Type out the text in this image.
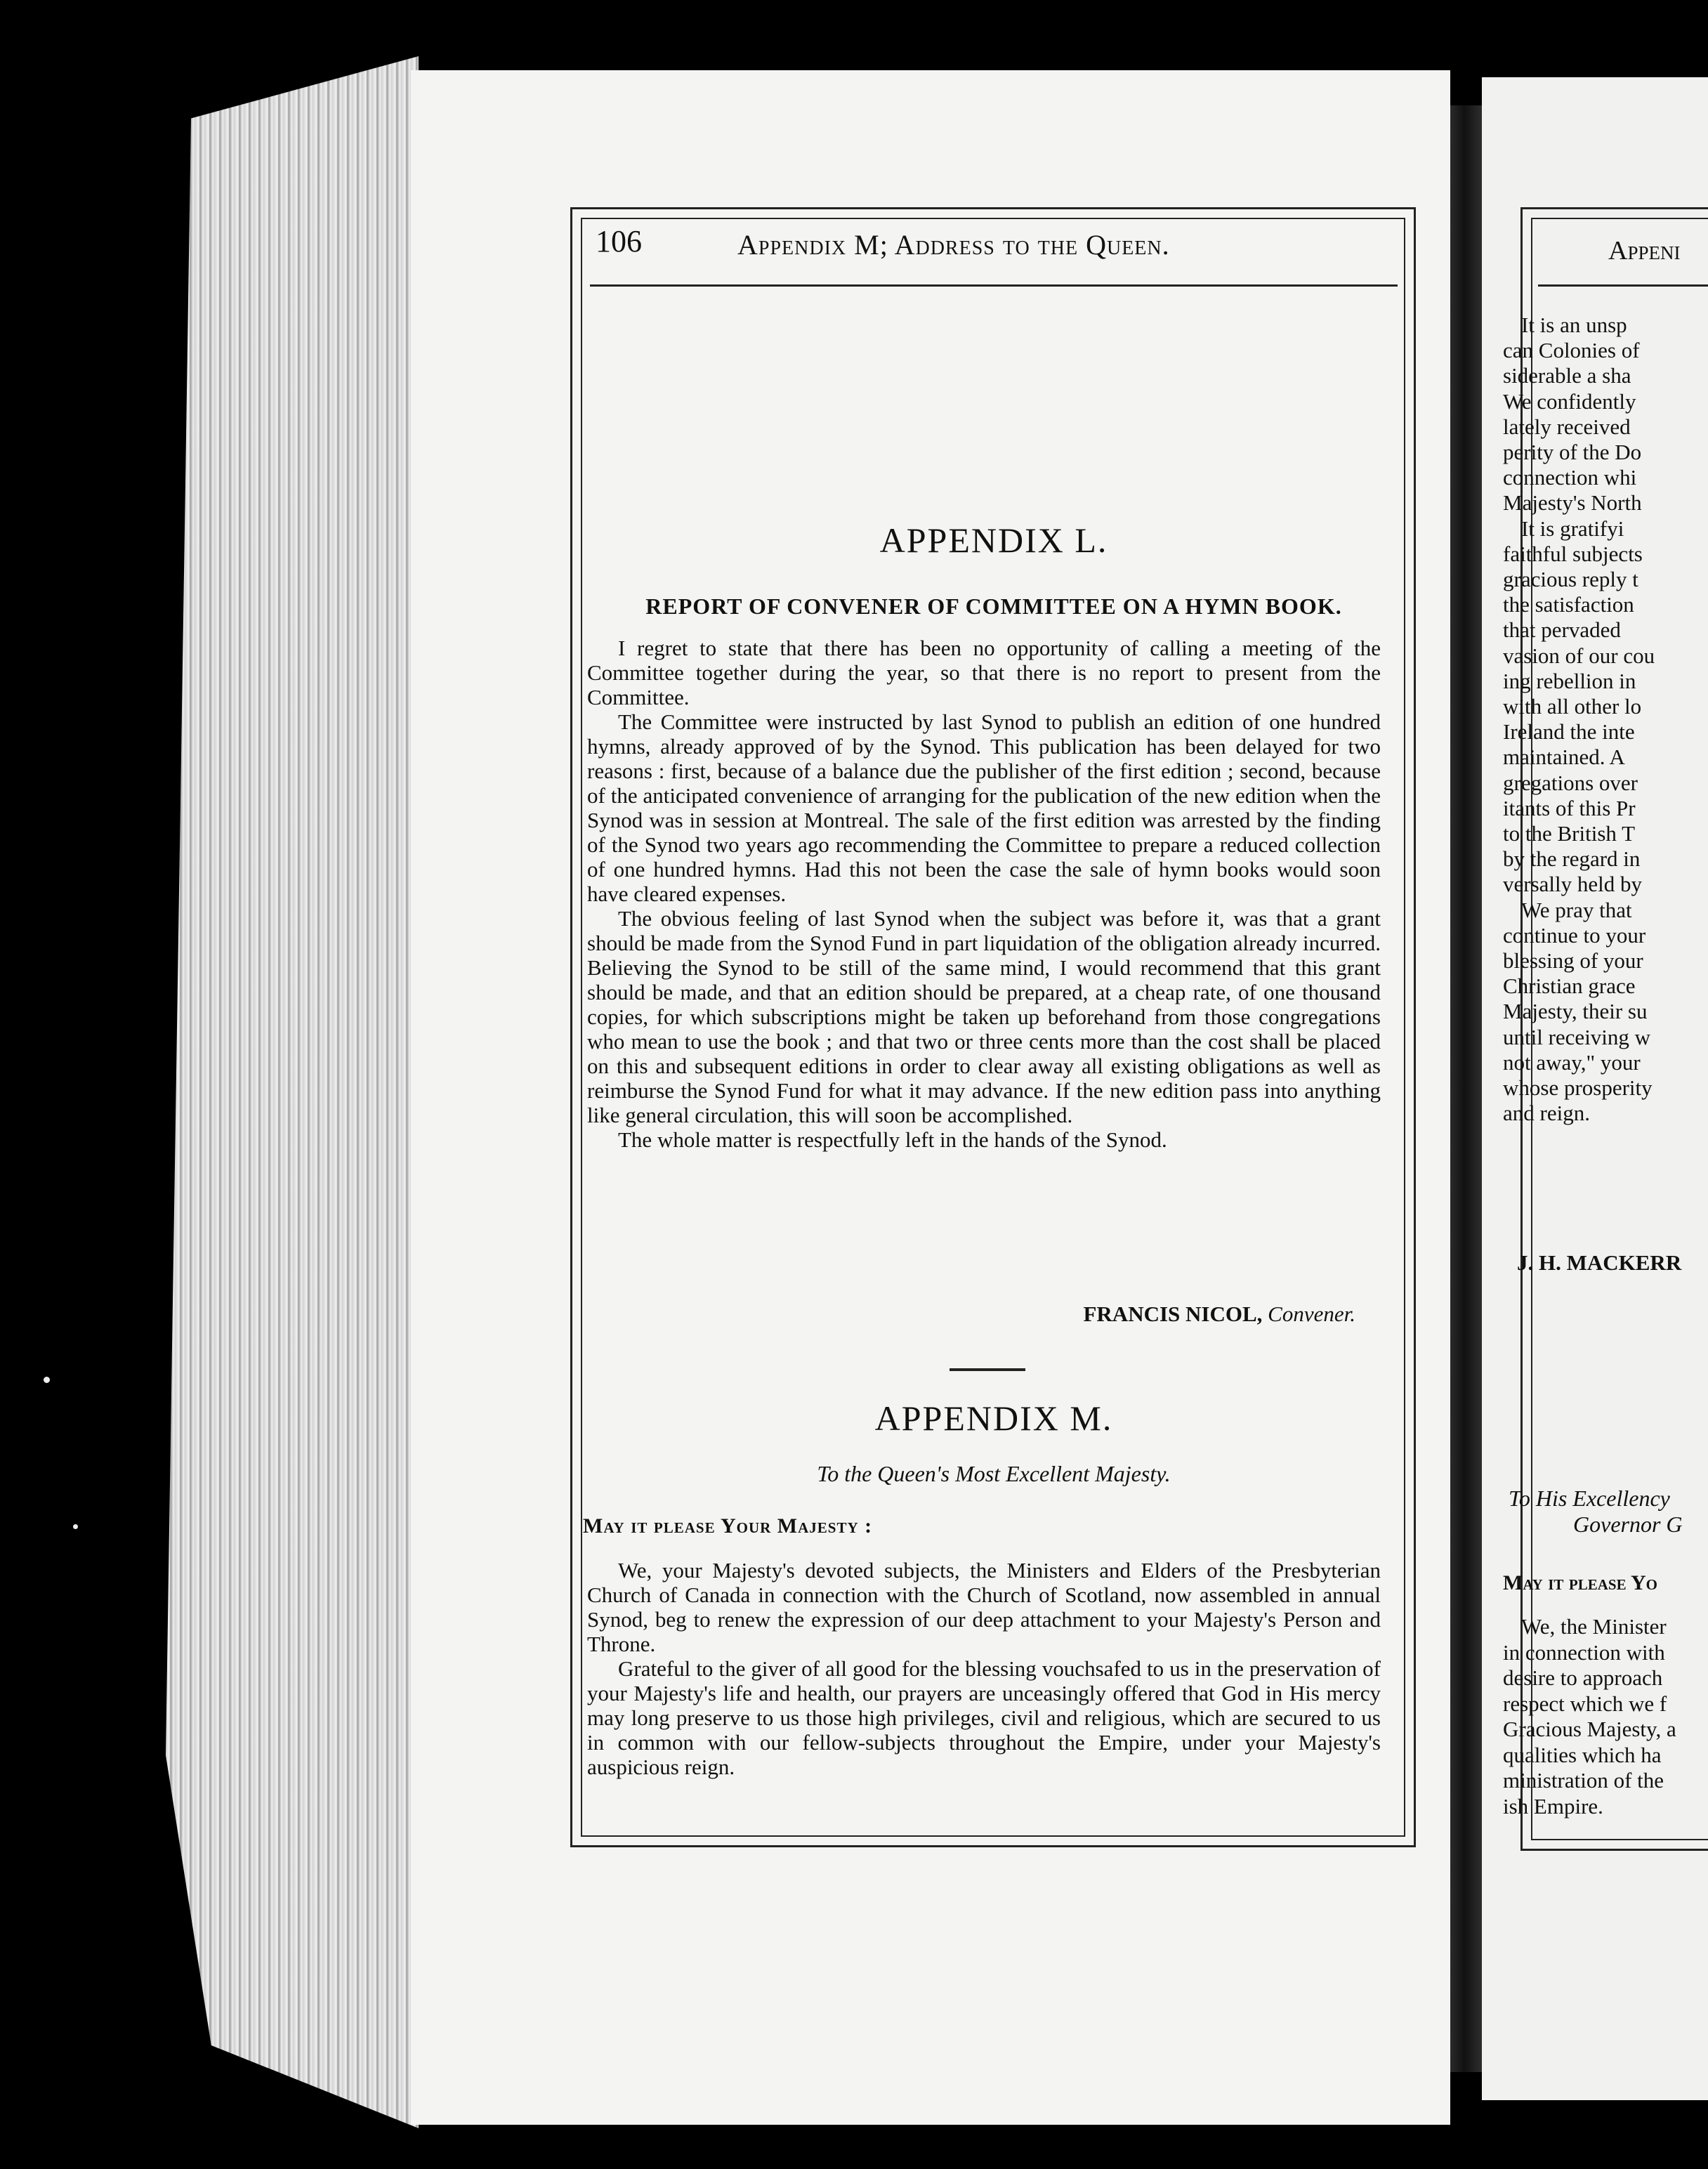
106	Appendix M; Address to the Queen.
APPENDIX L.
REPORT OF CONVENER OF COMMITTEE ON A HYMN BOOK.

I regret to state that there has been no opportunity of calling a meeting of the Committee together during the year, so that there is no report to present from the Committee.

The Committee were instructed by last Synod to publish an edition of one hundred hymns, already approved of by the Synod. This publication has been delayed for two reasons : first, because of a balance due the publisher of the first edition ; second, because of the anticipated convenience of arranging for the publication of the new edition when the Synod was in session at Montreal. The sale of the first edition was arrested by the finding of the Synod two years ago recommending the Committee to prepare a reduced collection of one hundred hymns. Had this not been the case the sale of hymn books would soon have cleared expenses.

The obvious feeling of last Synod when the subject was before it, was that a grant should be made from the Synod Fund in part liquidation of the obligation already incurred. Believing the Synod to be still of the same mind, I would recommend that this grant should be made, and that an edition should be prepared, at a cheap rate, of one thousand copies, for which subscriptions might be taken up beforehand from those congregations who mean to use the book ; and that two or three cents more than the cost shall be placed on this and subsequent editions in order to clear away all existing obligations as well as reimburse the Synod Fund for what it may advance. If the new edition pass into anything like general circulation, this will soon be accomplished.

The whole matter is respectfully left in the hands of the Synod.

FRANCIS NICOL, Convener.
APPENDIX M.
To the Queen's Most Excellent Majesty.
May it please Your Majesty :

We, your Majesty's devoted subjects, the Ministers and Elders of the Presbyterian Church of Canada in connection with the Church of Scotland, now assembled in annual Synod, beg to renew the expression of our deep attachment to your Majesty's Person and Throne.

Grateful to the giver of all good for the blessing vouchsafed to us in the preservation of your Majesty's life and health, our prayers are unceasingly offered that God in His mercy may long preserve to us those high privileges, civil and religious, which are secured to us in common with our fellow-subjects throughout the Empire, under your Majesty's auspicious reign.

Appeni
It is an unsp
can Colonies of
siderable a sha
We confidently
lately received
perity of the Do
connection whi
Majesty's North
It is gratifyi
faithful subjects
gracious reply t
the satisfaction
that pervaded
vasion of our cou
ing rebellion in
with all other lo
Ireland the inte
maintained. A
gregations over
itants of this Pr
to the British T
by the regard in
versally held by
We pray that
continue to your
blessing of your
Christian grace
Majesty, their su
until receiving w
not away," your
whose prosperity
and reign.
J. H. MACKERR
To His Excellency
Governor G
May it please Yo
We, the Minister
in connection with
desire to approach
respect which we f
Gracious Majesty, a
qualities which ha
ministration of the
ish Empire.
